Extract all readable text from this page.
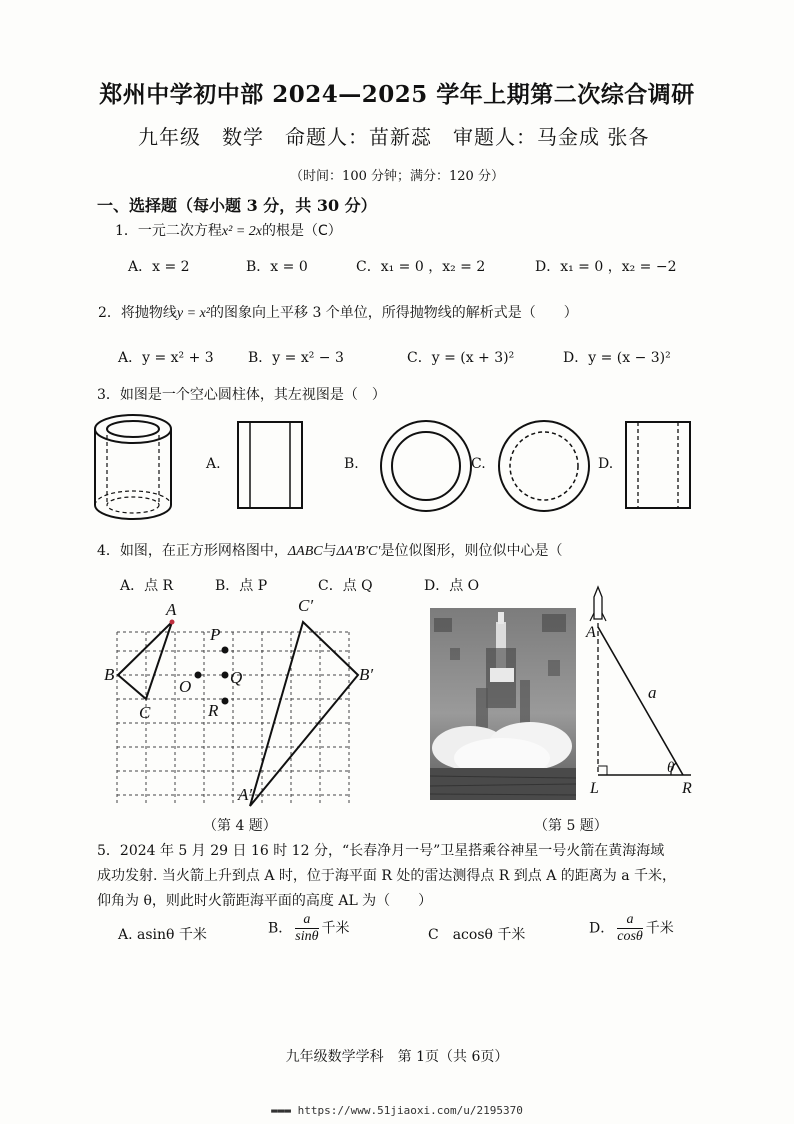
郑州中学初中部 2024—2025 学年上期第二次综合调研
九年级　数学　命题人：苗新蕊　审题人：马金成 张各
（时间：100 分钟；满分：120 分）
一、选择题（每小题 3 分，共 30 分）
1．一元二次方程x² = 2x的根是（C）
A．x = 2	B．x = 0	C．x₁ = 0 ，x₂ = 2	D．x₁ = 0 ，x₂ = −2
2．将抛物线y = x²的图象向上平移 3 个单位，所得抛物线的解析式是（　　）
A．y = x² + 3 B．y = x² − 3	C．y = (x + 3)²	D．y = (x − 3)²
3．如图是一个空心圆柱体，其左视图是（　）
A.	B.	C.	D.
4．如图，在正方形网格图中，ΔABC与ΔA′B′C′是位似图形，则位似中心是（
A．点 R	B．点 P	C．点 Q	D．点 O
A
B
C
C′
B′
A′
P
Q
O
R
（第 4 题）
A
a
θ
L	R
（第 5 题）
5．2024 年 5 月 29 日 16 时 12 分，“长春净月一号”卫星搭乘谷神星一号火箭在黄海海域
成功发射. 当火箭上升到点 A 时，位于海平面 R 处的雷达测得点 R 到点 A 的距离为 a 千米，
仰角为 θ，则此时火箭距海平面的高度 AL 为（　　）
A. asinθ 千米	B． $\frac{a}{\sin\theta}$ 千米	C　acosθ 千米	D． $\frac{a}{\cos\theta}$ 千米
九年级数学学科　第 1页（共 6页）
▬▬▬ https://www.51jiaoxi.com/u/2195370
